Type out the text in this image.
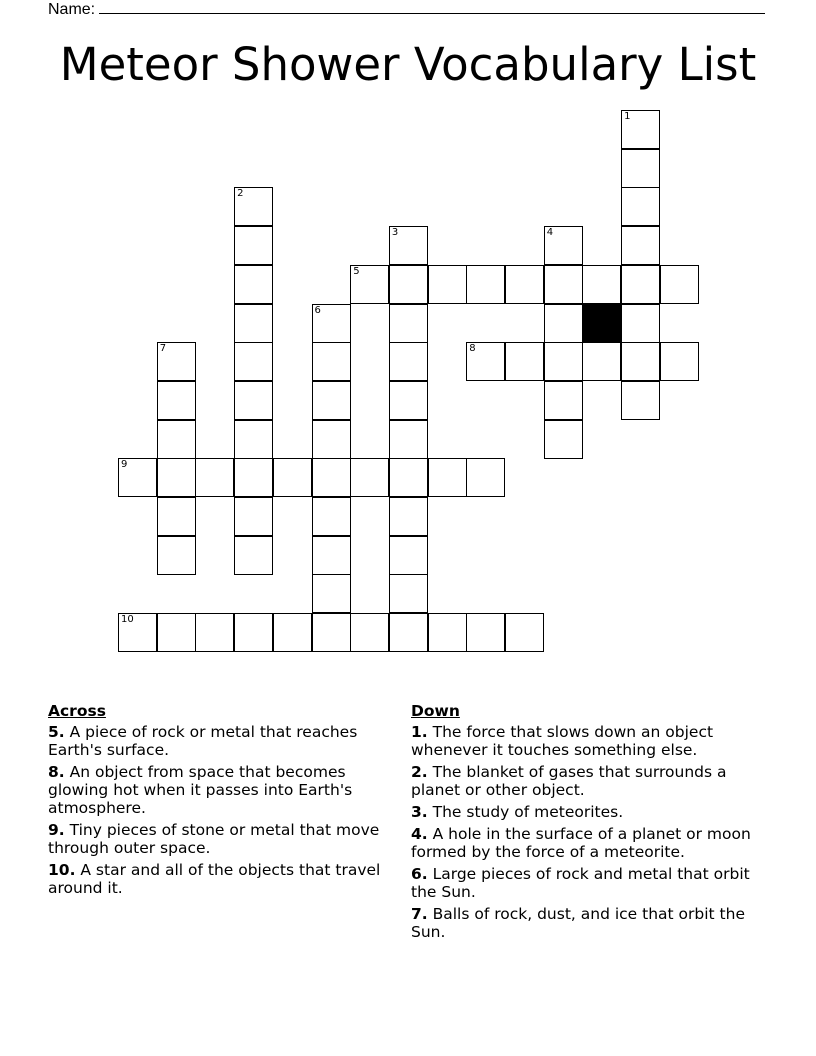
Name:
Meteor Shower Vocabulary List
1
2
3	4
6
7
5
8
9
10
Across
5. A piece of rock or metal that reaches Earth's surface.
8. An object from space that becomes glowing hot when it passes into Earth's atmosphere.
9. Tiny pieces of stone or metal that move through outer space.
10. A star and all of the objects that travel around it.
Down
1. The force that slows down an object whenever it touches something else.
2. The blanket of gases that surrounds a planet or other object.
3. The study of meteorites.
4. A hole in the surface of a planet or moon formed by the force of a meteorite.
6. Large pieces of rock and metal that orbit the Sun.
7. Balls of rock, dust, and ice that orbit the Sun.
